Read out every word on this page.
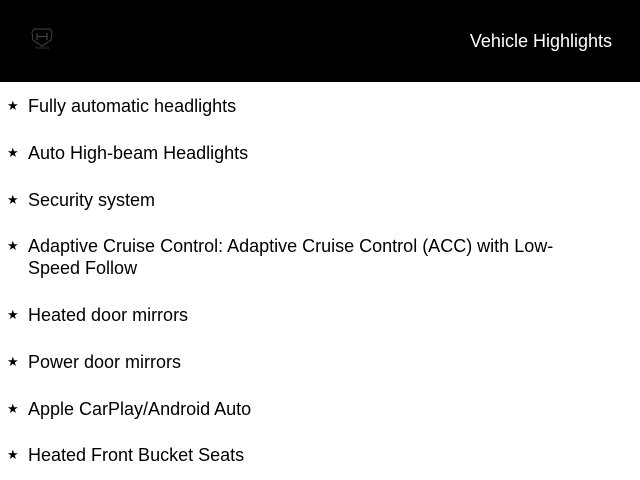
HONDA	Vehicle Highlights
★ Fully automatic headlights
★ Auto High-beam Headlights
★ Security system
★ Adaptive Cruise Control: Adaptive Cruise Control (ACC) with Low-Speed Follow
★ Heated door mirrors
★ Power door mirrors
★ Apple CarPlay/Android Auto
★ Heated Front Bucket Seats
